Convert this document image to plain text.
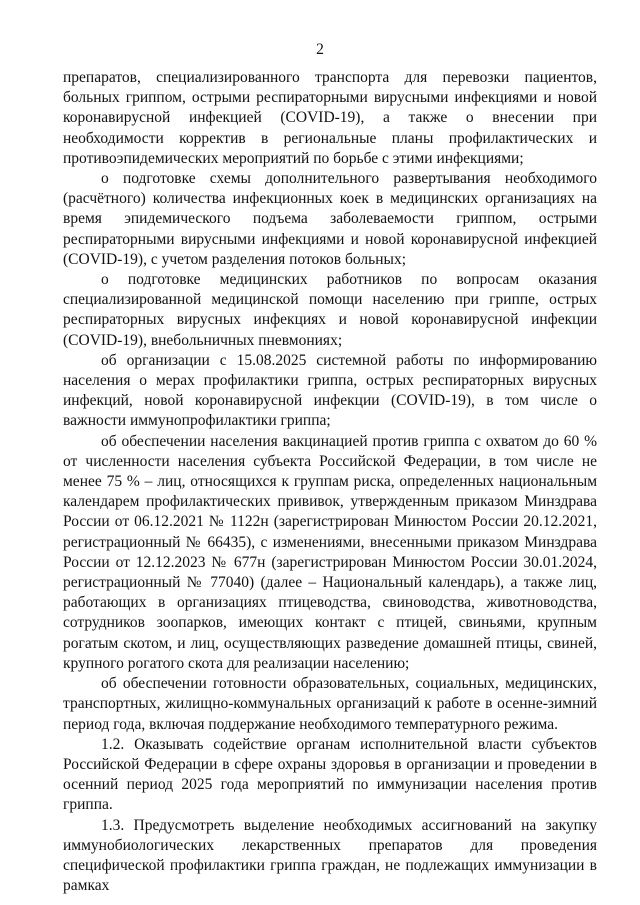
2

препаратов, специализированного транспорта для перевозки пациентов, больных гриппом, острыми респираторными вирусными инфекциями и новой коронавирусной инфекцией (COVID-19), а также о внесении при необходимости корректив в региональные планы профилактических и противоэпидемических мероприятий по борьбе с этими инфекциями;

о подготовке схемы дополнительного развертывания необходимого (расчётного) количества инфекционных коек в медицинских организациях на время эпидемического подъема заболеваемости гриппом, острыми респираторными вирусными инфекциями и новой коронавирусной инфекцией (COVID-19), с учетом разделения потоков больных;

о подготовке медицинских работников по вопросам оказания специализированной медицинской помощи населению при гриппе, острых респираторных вирусных инфекциях и новой коронавирусной инфекции (COVID-19), внебольничных пневмониях;

об организации с 15.08.2025 системной работы по информированию населения о мерах профилактики гриппа, острых респираторных вирусных инфекций, новой коронавирусной инфекции (COVID-19), в том числе о важности иммунопрофилактики гриппа;

об обеспечении населения вакцинацией против гриппа с охватом до 60 % от численности населения субъекта Российской Федерации, в том числе не менее 75 % – лиц, относящихся к группам риска, определенных национальным календарем профилактических прививок, утвержденным приказом Минздрава России от 06.12.2021 № 1122н (зарегистрирован Минюстом России 20.12.2021, регистрационный № 66435), с изменениями, внесенными приказом Минздрава России от 12.12.2023 № 677н (зарегистрирован Минюстом России 30.01.2024, регистрационный № 77040) (далее – Национальный календарь), а также лиц, работающих в организациях птицеводства, свиноводства, животноводства, сотрудников зоопарков, имеющих контакт с птицей, свиньями, крупным рогатым скотом, и лиц, осуществляющих разведение домашней птицы, свиней, крупного рогатого скота для реализации населению;

об обеспечении готовности образовательных, социальных, медицинских, транспортных, жилищно-коммунальных организаций к работе в осенне-зимний период года, включая поддержание необходимого температурного режима.

1.2. Оказывать содействие органам исполнительной власти субъектов Российской Федерации в сфере охраны здоровья в организации и проведении в осенний период 2025 года мероприятий по иммунизации населения против гриппа.

1.3. Предусмотреть выделение необходимых ассигнований на закупку иммунобиологических лекарственных препаратов для проведения специфической профилактики гриппа граждан, не подлежащих иммунизации в рамках
